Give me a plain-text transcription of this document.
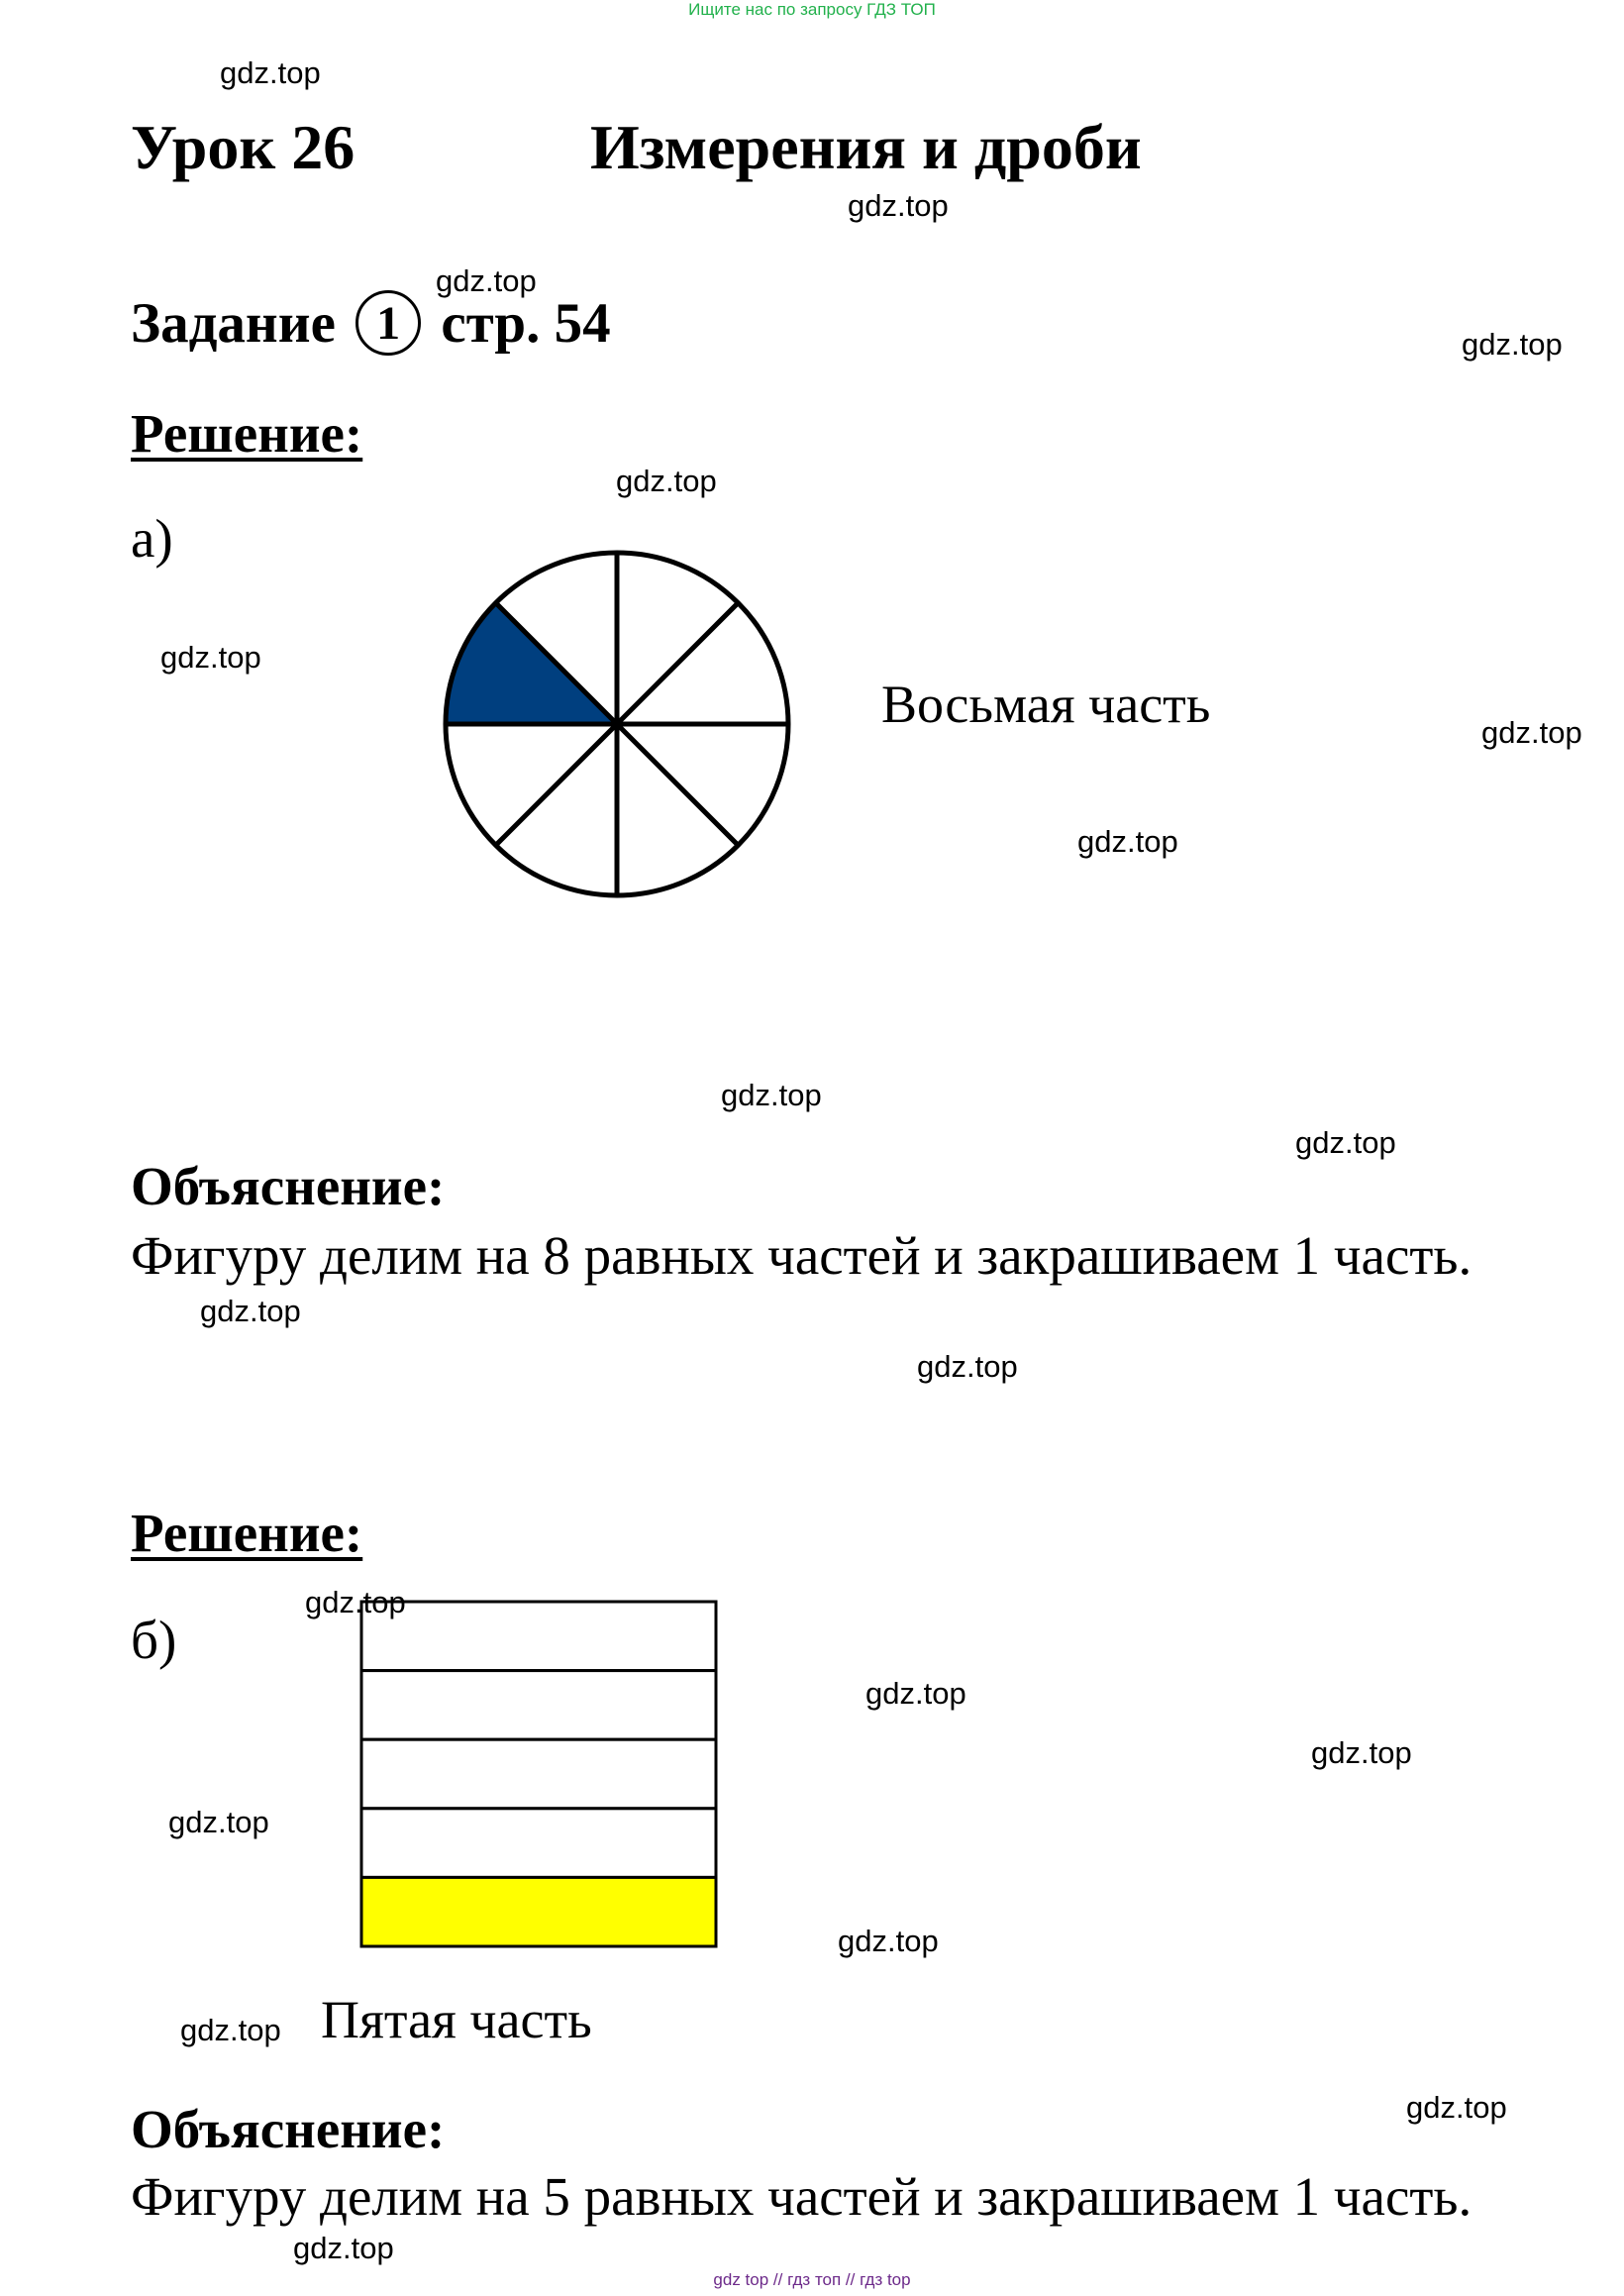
Ищите нас по запросу ГДЗ ТОП
Урок 26	Измерения и дроби
Задание 1 стр. 54
Решение:
а)
Восьмая часть
Объяснение:
Фигуру делим на 8 равных частей и закрашиваем 1 часть.
Решение:
б)
Пятая часть
Объяснение:
Фигуру делим на 5 равных частей и закрашиваем 1 часть.
gdz.top
gdz.top
gdz.top
gdz.top
gdz.top
gdz.top
gdz.top
gdz.top
gdz.top
gdz.top
gdz.top
gdz.top
gdz.top
gdz.top
gdz.top
gdz.top
gdz.top
gdz.top
gdz.top
gdz.top
gdz top // гдз топ // гдз top
